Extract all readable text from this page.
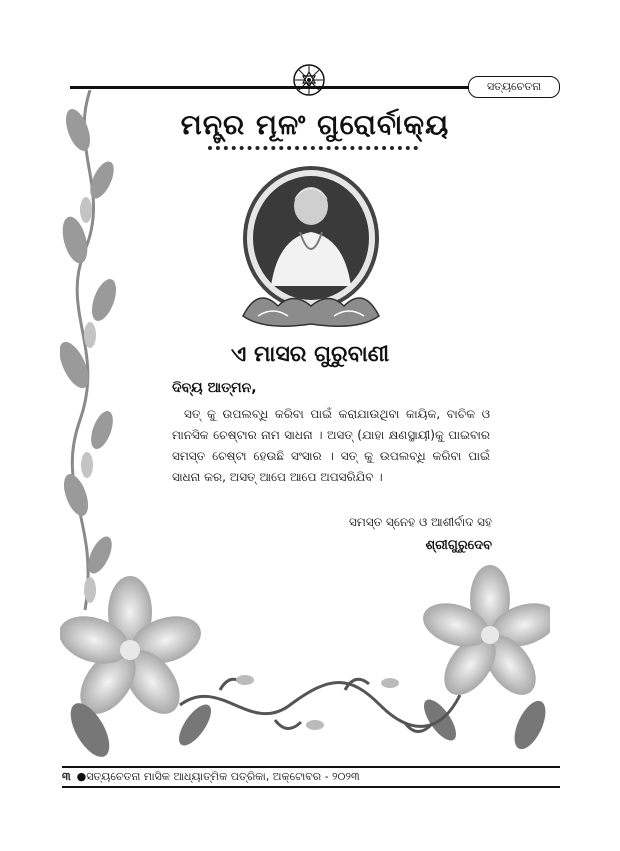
ସତ୍ୟଚେତନା
ମନ୍ତ୍ର ମୂଳଂ ଗୁରୋର୍ବାକ୍ୟ
ଏ ମାସର ଗୁରୁବାଣୀ
ଦିବ୍ୟ ଆତ୍ମନ,
ସତ୍ କୁ ଉପଲବ୍ଧି କରିବା ପାଇଁ କରାଯାଉଥିବା କାୟିକ, ବାଚିକ ଓ ମାନସିକ ଚେଷ୍ଟାର ନାମ ସାଧନା । ଅସତ୍ (ଯାହା କ୍ଷଣସ୍ଥାୟୀ)କୁ ପାଇବାର ସମସ୍ତ ଚେଷ୍ଟା ହେଉଛି ସଂସାର । ସତ୍ କୁ ଉପଲବ୍ଧି କରିବା ପାଇଁ ସାଧନା କର, ଅସତ୍ ଆପେ ଆପେ ଅପସରିଯିବ ।
ସମସ୍ତ ସ୍ନେହ ଓ ଆଶୀର୍ବାଦ ସହ
ଶ୍ରୀଗୁରୁଦେବ
୩ ●ସତ୍ୟଚେତନା ମାସିକ ଆଧ୍ୟାତ୍ମିକ ପତ୍ରିକା, ଅକ୍ଟୋବର - ୨୦୨୩
